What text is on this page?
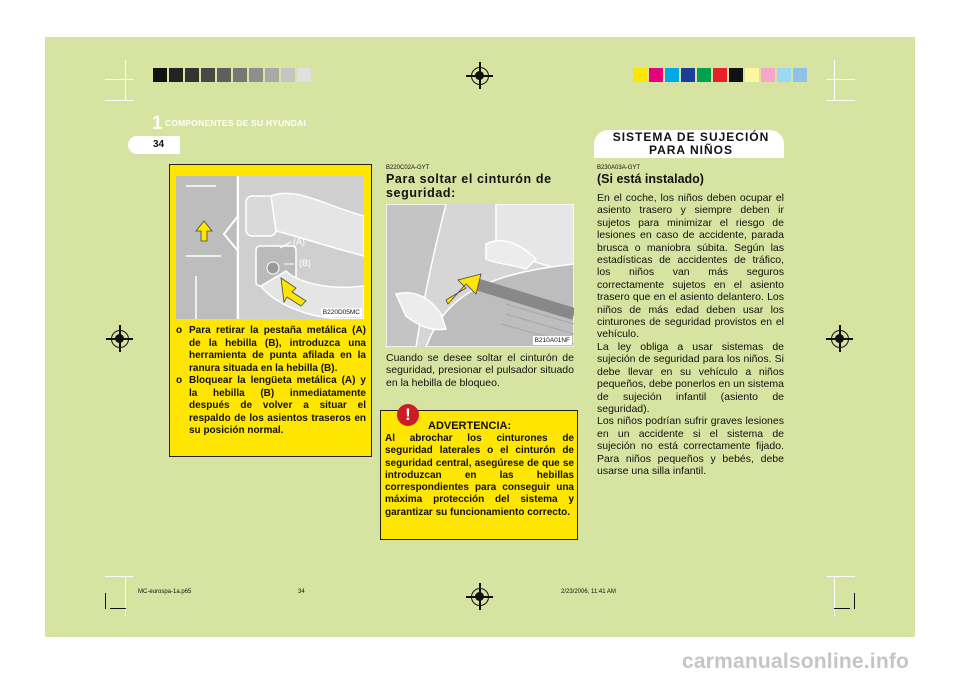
1 COMPONENTES DE SU HYUNDAI
34
SISTEMA DE SUJECIÓN PARA NIÑOS
(A)
(B)
B220D05MC
o Para retirar la pestaña metálica (A) de la hebilla (B), introduzca una herramienta de punta afilada en la ranura situada en la hebilla (B).
o Bloquear la lengüeta metálica (A) y la hebilla (B) inmediatamente después de volver a situar el respaldo de los asientos traseros en su posición normal.
B220C02A-GYT
Para soltar el cinturón de seguridad:
B210A01NF
Cuando se desee soltar el cinturón de seguridad, presionar el pulsador situado en la hebilla de bloqueo.
!
ADVERTENCIA:
Al abrochar los cinturones de seguridad laterales o el cinturón de seguridad central, asegúrese de que se introduzcan en las hebillas correspondientes para conseguir una máxima protección del sistema y garantizar su funcionamiento correcto.
B230A03A-GYT
(Si está instalado)
En el coche, los niños deben ocupar el asiento trasero y siempre deben ir sujetos para minimizar el riesgo de lesiones en caso de accidente, parada brusca o maniobra súbita. Según las estadísticas de accidentes de tráfico, los niños van más seguros correctamente sujetos en el asiento trasero que en el asiento delantero. Los niños de más edad deben usar los cinturones de seguridad provistos en el vehículo.
La ley obliga a usar sistemas de sujeción de seguridad para los niños. Si debe llevar en su vehículo a niños pequeños, debe ponerlos en un sistema de sujeción infantil (asiento de seguridad).
Los niños podrían sufrir graves lesiones en un accidente si el sistema de sujeción no está correctamente fijado. Para niños pequeños y bebés, debe usarse una silla infantil.
MC-eurospa-1a.p65	34	2/23/2006, 11:41 AM
carmanualsonline.info
